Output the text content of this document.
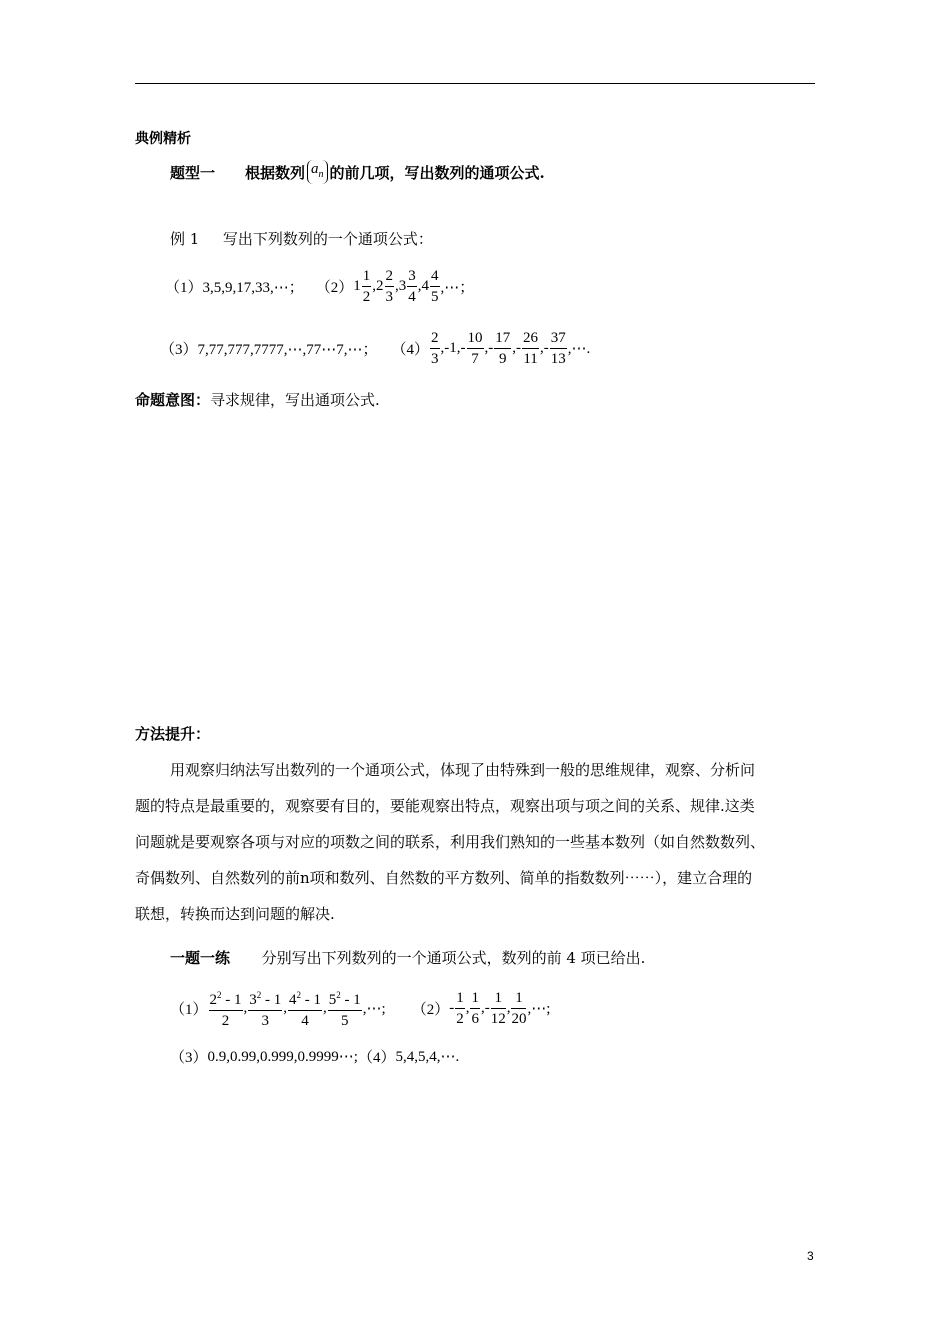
典例精析
题型一 根据数列 $a_n$ 的前几项，写出数列的通项公式.
例 1 写出下列数列的一个通项公式：
（1） 3,5,9,17,33,⋯； （2） $1 \frac{1}{2}$ , $2 \frac{2}{3}$ , $3 \frac{3}{4}$ , $4 \frac{4}{5}$ ,⋯；
（3） 7,77,777,7777,⋯,77⋯7,⋯； $(4) \frac{2}{3}$ , - 1 , - $\frac{10}{7}$ , - $\frac{17}{9}$ , - $\frac{26}{11}$ , - $\frac{37}{13}$ ,⋯.
命题意图：寻求规律，写出通项公式.
方法提升：

用观察归纳法写出数列的一个通项公式，体现了由特殊到一般的思维规律，观察、分析问

题的特点是最重要的，观察要有目的，要能观察出特点，观察出项与项之间的关系、规律.这类

问题就是要观察各项与对应的项数之间的联系，利用我们熟知的一些基本数列（如自然数数列、

奇偶数列、自然数列的前n项和数列、自然数的平方数列、简单的指数数列⋯⋯），建立合理的

联想，转换而达到问题的解决.

一题一练 分别写出下列数列的一个通项公式，数列的前 4 项已给出.
$(1) \frac{2^2 - 1}{2}$ , $\frac{3^2 - 1}{3}$ , $\frac{4^2 - 1}{4}$ , $\frac{5^2 - 1}{5}$ ,⋯; $(2) - \frac{1}{2}$ , $\frac{1}{6}$ , - $\frac{1}{12}$ , $\frac{1}{20}$ ,⋯;
（3） 0.9,0.99,0.999,0.9999⋯; （4） 5,4,5,4,⋯.
3
